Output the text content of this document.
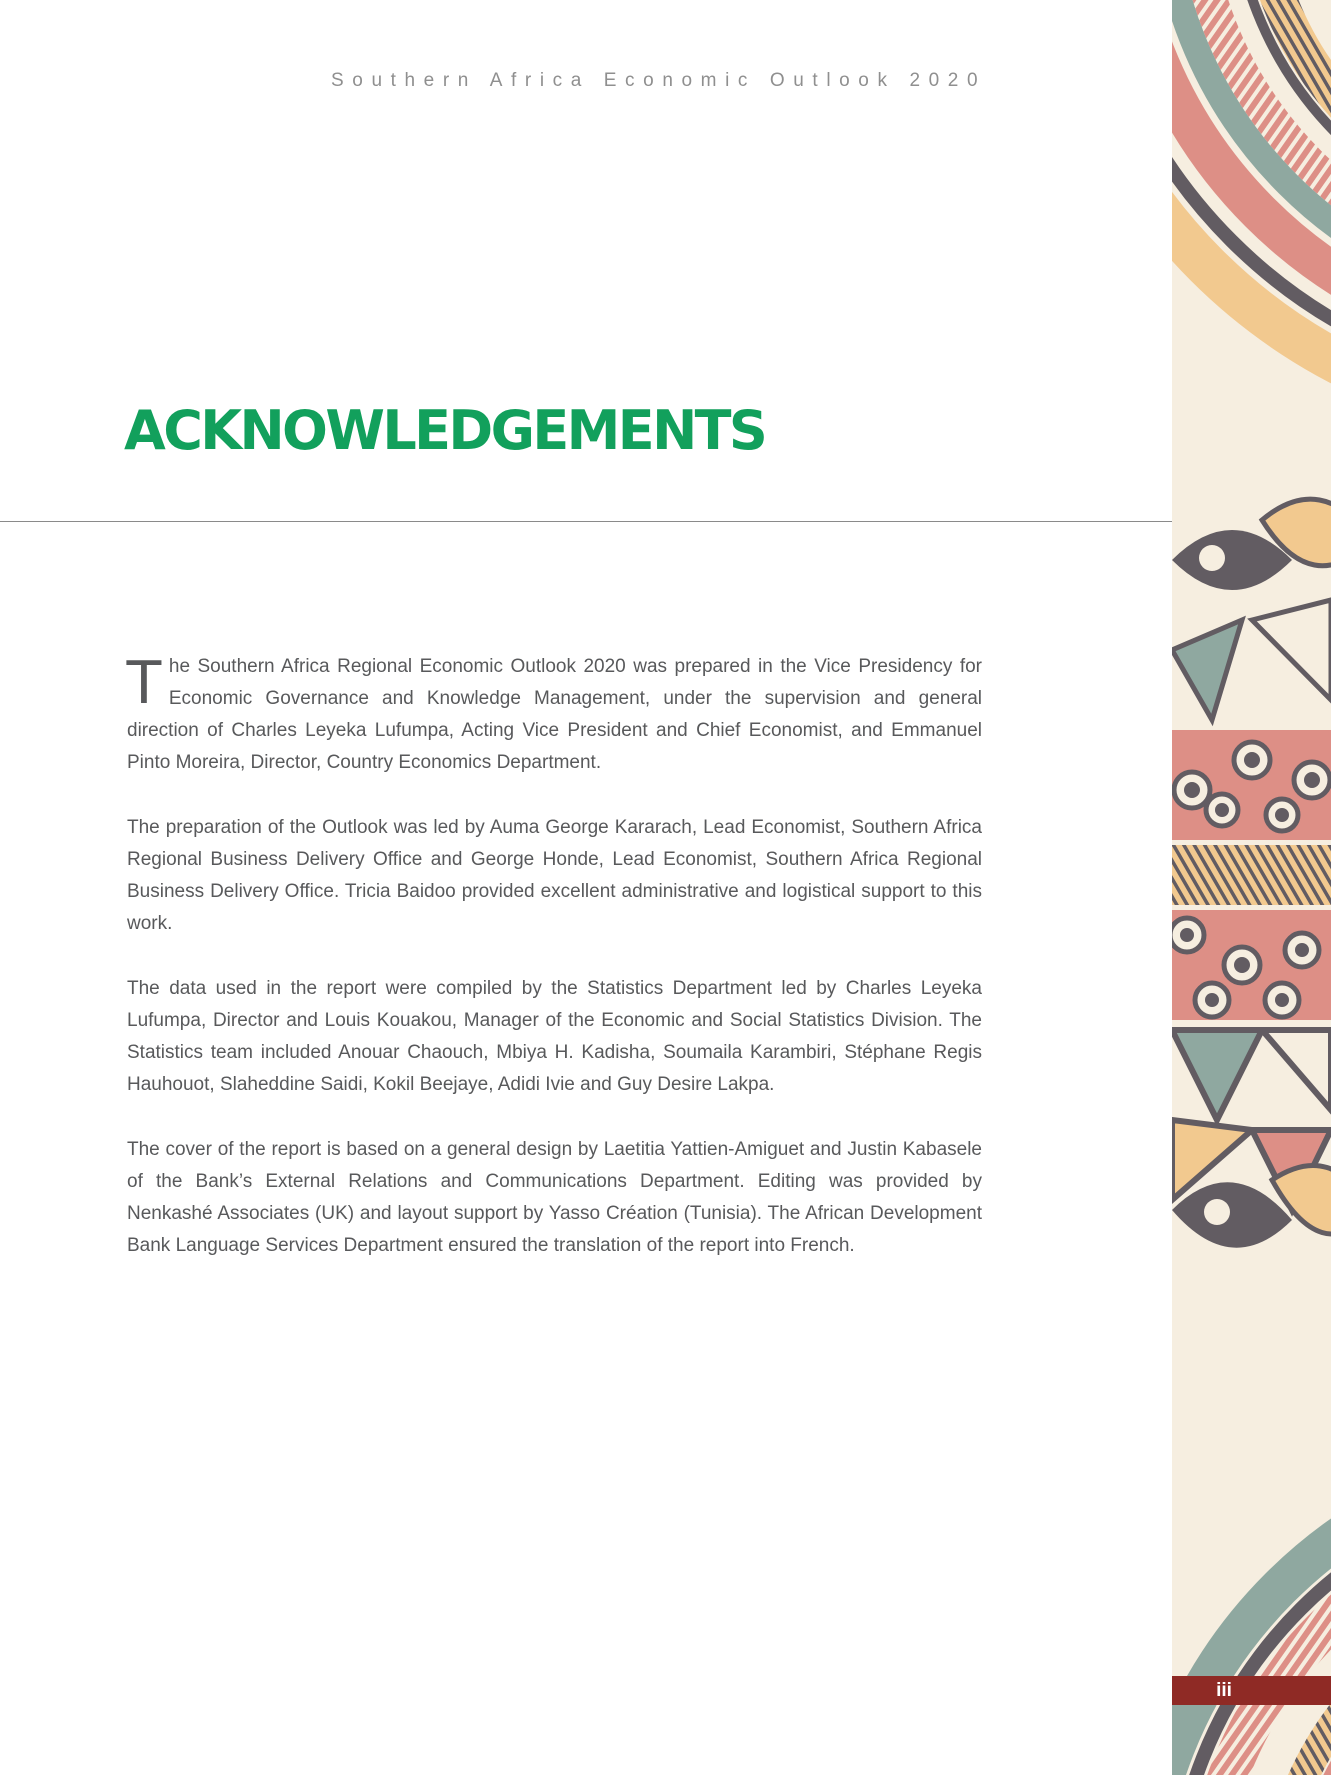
Southern Africa Economic Outlook 2020
ACKNOWLEDGEMENTS

The Southern Africa Regional Economic Outlook 2020 was prepared in the Vice Presidency for Economic Governance and Knowledge Management, under the supervision and general direction of Charles Leyeka Lufumpa, Acting Vice President and Chief Economist, and Emmanuel Pinto Moreira, Director, Country Economics Department.

The preparation of the Outlook was led by Auma George Kararach, Lead Economist, Southern Africa Regional Business Delivery Office and George Honde, Lead Economist, Southern Africa Regional Business Delivery Office. Tricia Baidoo provided excellent administrative and logistical support to this work.

The data used in the report were compiled by the Statistics Department led by Charles Leyeka Lufumpa, Director and Louis Kouakou, Manager of the Economic and Social Statistics Division. The Statistics team included Anouar Chaouch, Mbiya H. Kadisha, Soumaila Karambiri, Stéphane Regis Hauhouot, Slaheddine Saidi, Kokil Beejaye, Adidi Ivie and Guy Desire Lakpa.

The cover of the report is based on a general design by Laetitia Yattien-Amiguet and Justin Kabasele of the Bank’s External Relations and Communications Department. Editing was provided by Nenkashé Associates (UK) and layout support by Yasso Création (Tunisia). The African Development Bank Language Services Department ensured the translation of the report into French.

iii
